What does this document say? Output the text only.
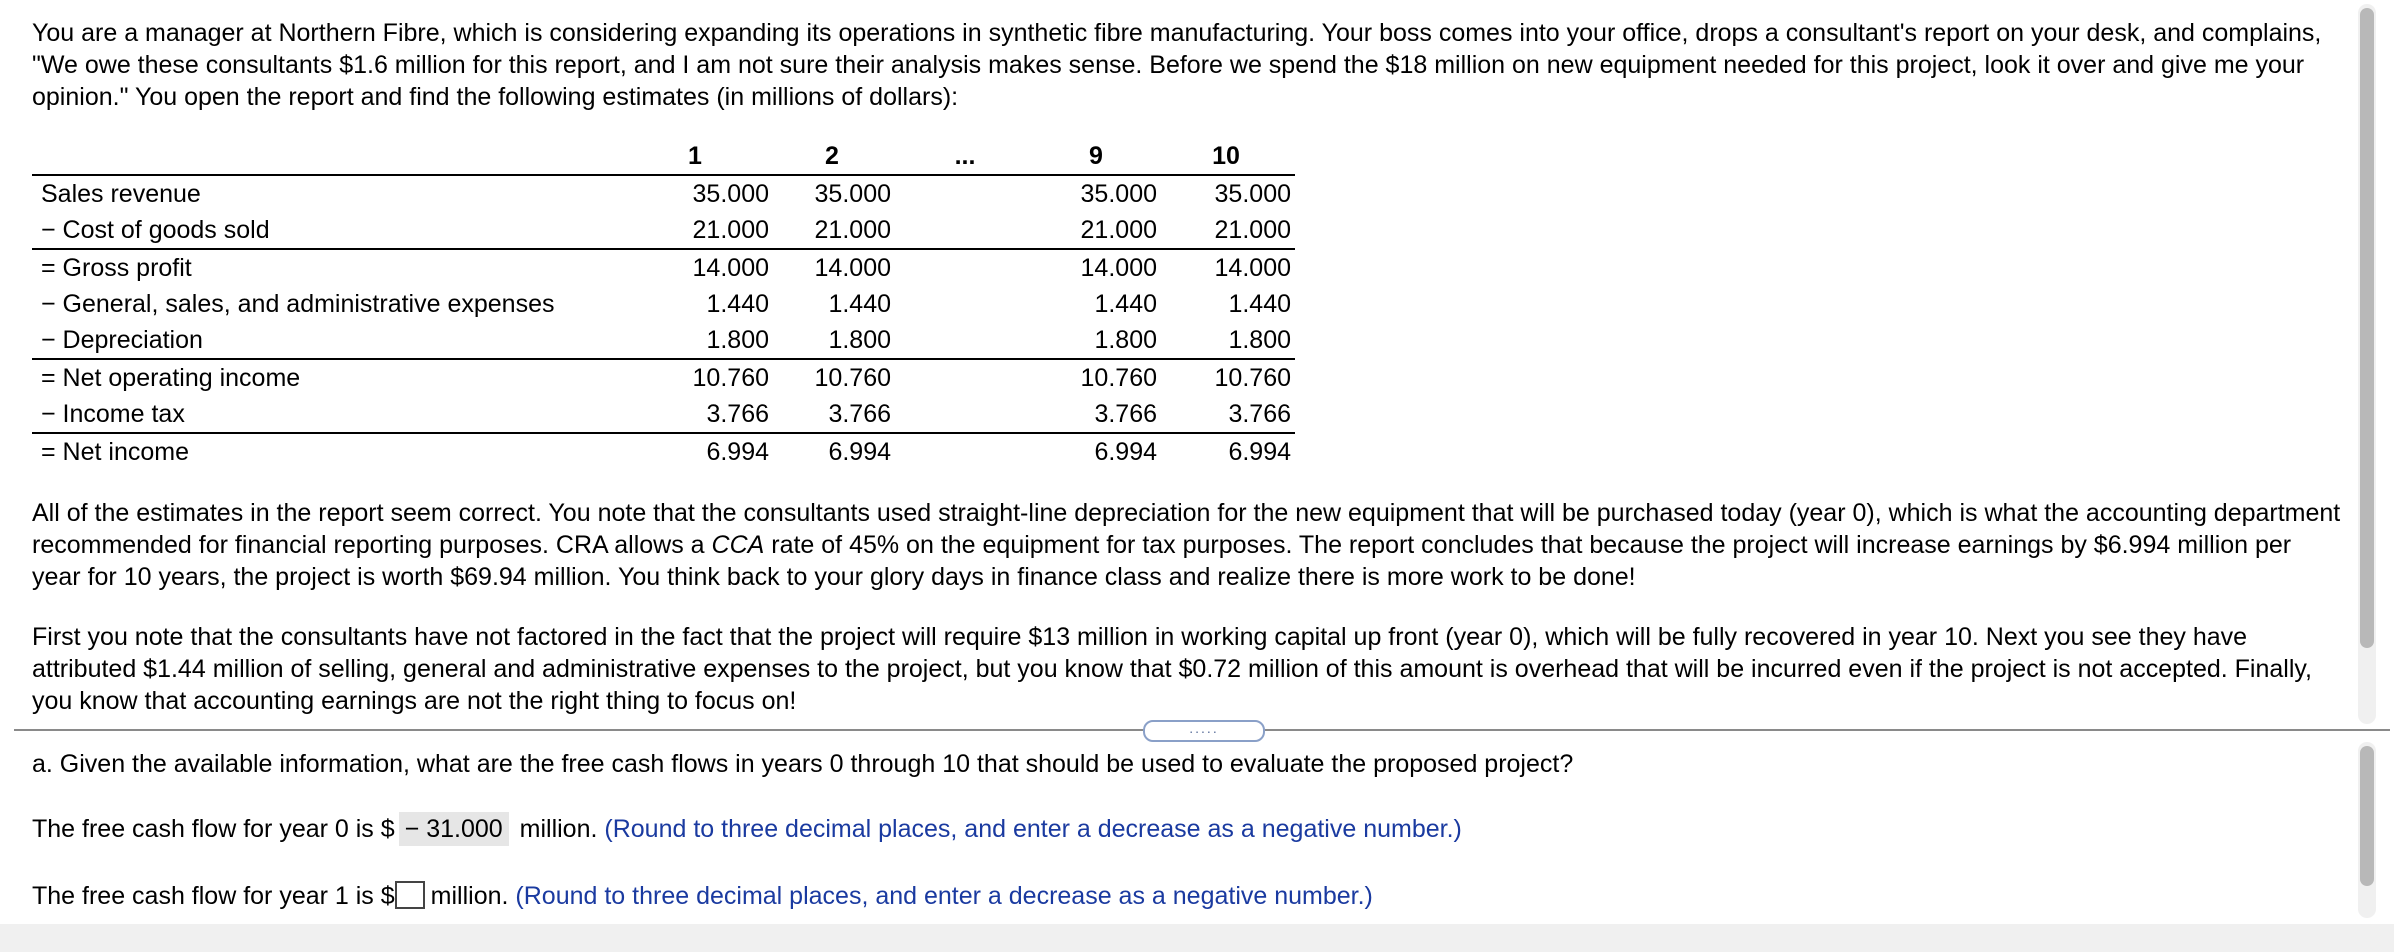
You are a manager at Northern Fibre, which is considering expanding its operations in synthetic fibre manufacturing. Your boss comes into your office, drops a consultant's report on your desk, and complains, "We owe these consultants $1.6 million for this report, and I am not sure their analysis makes sense. Before we spend the $18 million on new equipment needed for this project, look it over and give me your opinion." You open the report and find the following estimates (in millions of dollars):

	1	2	...	9	10
Sales revenue	35.000	35.000		35.000	35.000
− Cost of goods sold	21.000	21.000		21.000	21.000
= Gross profit	14.000	14.000		14.000	14.000
− General, sales, and administrative expenses	1.440	1.440		1.440	1.440
− Depreciation	1.800	1.800		1.800	1.800
= Net operating income	10.760	10.760		10.760	10.760
− Income tax	3.766	3.766		3.766	3.766
= Net income	6.994	6.994		6.994	6.994

All of the estimates in the report seem correct. You note that the consultants used straight-line depreciation for the new equipment that will be purchased today (year 0), which is what the accounting department recommended for financial reporting purposes. CRA allows a CCA rate of 45% on the equipment for tax purposes. The report concludes that because the project will increase earnings by $6.994 million per year for 10 years, the project is worth $69.94 million. You think back to your glory days in finance class and realize there is more work to be done!

First you note that the consultants have not factored in the fact that the project will require $13 million in working capital up front (year 0), which will be fully recovered in year 10. Next you see they have attributed $1.44 million of selling, general and administrative expenses to the project, but you know that $0.72 million of this amount is overhead that will be incurred even if the project is not accepted. Finally, you know that accounting earnings are not the right thing to focus on!

.....
a. Given the available information, what are the free cash flows in years 0 through 10 that should be used to evaluate the proposed project?
The free cash flow for year 0 is $ − 31.000 million. (Round to three decimal places, and enter a decrease as a negative number.)
The free cash flow for year 1 is $ million. (Round to three decimal places, and enter a decrease as a negative number.)
